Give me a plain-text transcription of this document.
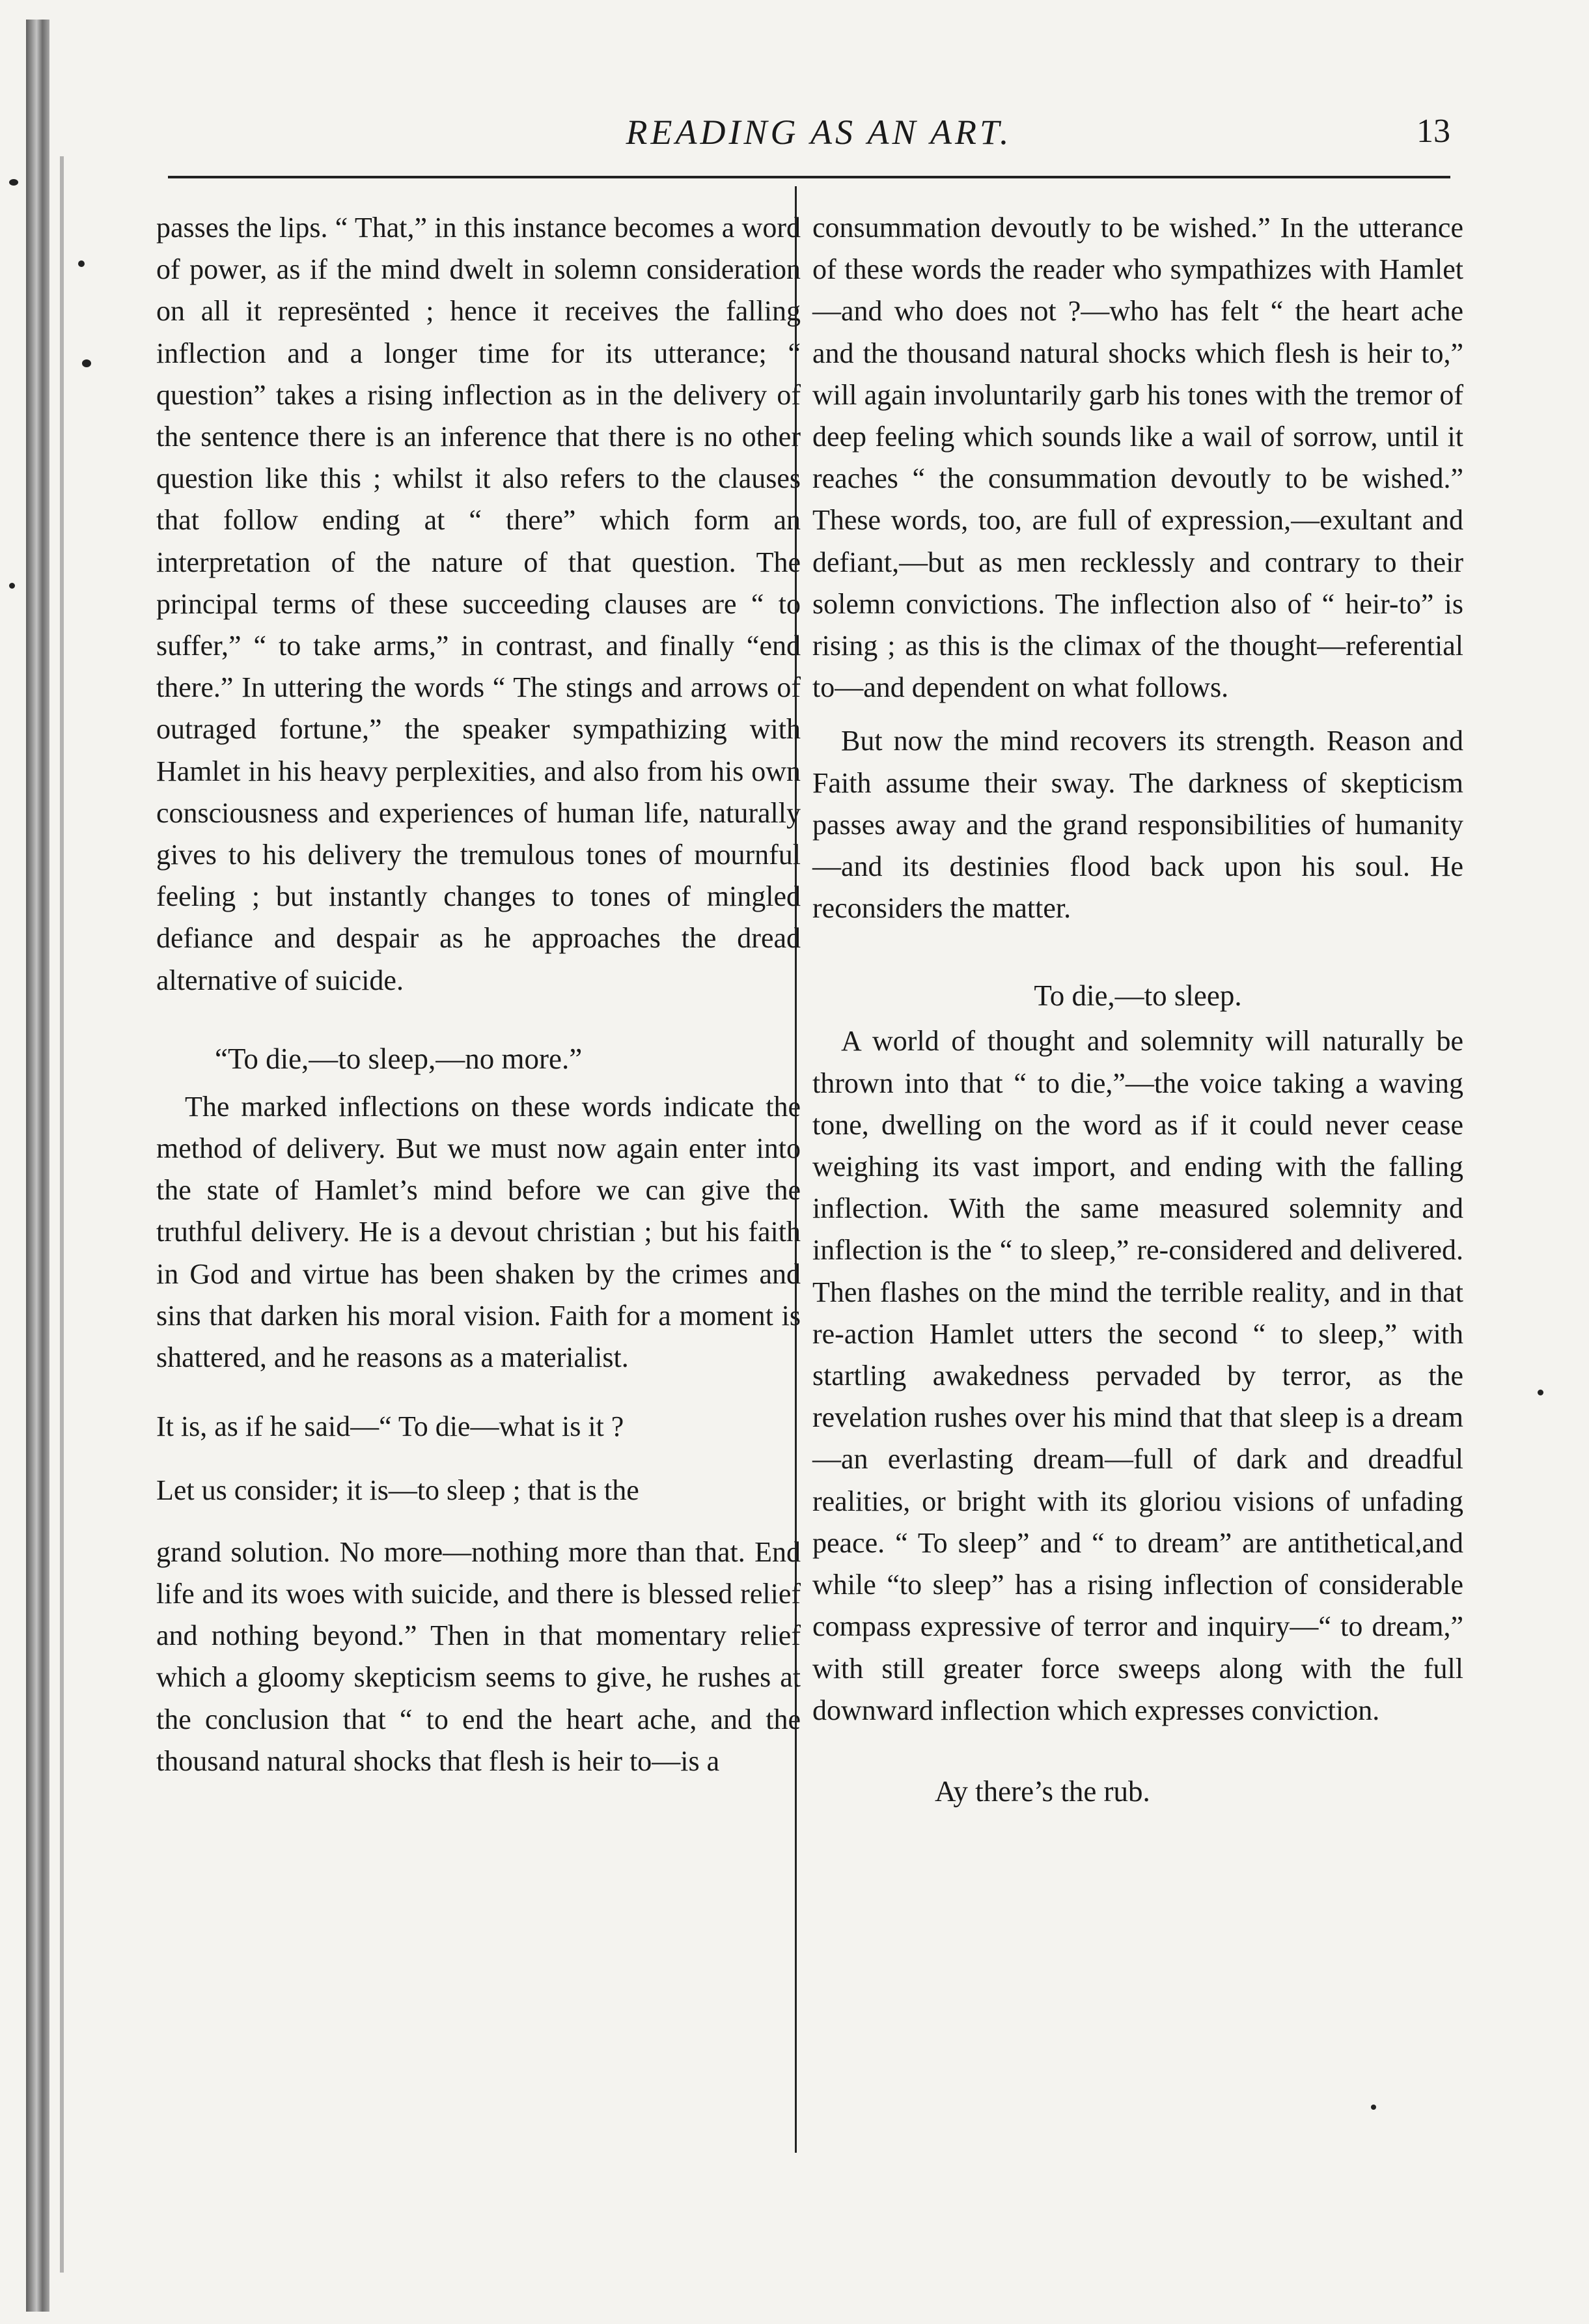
READING AS AN ART.	13

passes the lips. “ That,” in this instance becomes a word of power, as if the mind dwelt in solemn consideration on all it represënted ; hence it receives the falling inflection and a longer time for its utterance; “ question” takes a rising inflection as in the delivery of the sentence there is an inference that there is no other question like this ; whilst it also refers to the clauses that follow ending at “ there” which form an interpretation of the nature of that question. The principal terms of these succeeding clauses are “ to suffer,” “ to take arms,” in contrast, and finally “end there.” In uttering the words “ The stings and arrows of outraged fortune,” the speaker sympathizing with Hamlet in his heavy perplexities, and also from his own consciousness and experiences of human life, naturally gives to his delivery the tremulous tones of mournful feeling ; but instantly changes to tones of mingled defiance and despair as he approaches the dread alternative of suicide.

“To die,—to sleep,—no more.”

The marked inflections on these words indicate the method of delivery. But we must now again enter into the state of Hamlet’s mind before we can give the truthful delivery. He is a devout christian ; but his faith in God and virtue has been shaken by the crimes and sins that darken his moral vision. Faith for a moment is shattered, and he reasons as a materialist.

It is, as if he said—“ To die—what is it ?

Let us consider; it is—to sleep ; that is the

grand solution. No more—nothing more than that. End life and its woes with suicide, and there is blessed relief and nothing beyond.” Then in that momentary relief which a gloomy skepticism seems to give, he rushes at the conclusion that “ to end the heart ache, and the thousand natural shocks that flesh is heir to—is a

consummation devoutly to be wished.” In the utterance of these words the reader who sympathizes with Hamlet—and who does not ?—who has felt “ the heart ache and the thousand natural shocks which flesh is heir to,” will again involuntarily garb his tones with the tremor of deep feeling which sounds like a wail of sorrow, until it reaches “ the consummation devoutly to be wished.” These words, too, are full of expression,—exultant and defiant,—but as men recklessly and contrary to their solemn convictions. The inflection also of “ heir-to” is rising ; as this is the climax of the thought—referential to—and dependent on what follows.

But now the mind recovers its strength. Reason and Faith assume their sway. The darkness of skepticism passes away and the grand responsibilities of humanity—and its destinies flood back upon his soul. He reconsiders the matter.

To die,—to sleep.

A world of thought and solemnity will naturally be thrown into that “ to die,”—the voice taking a waving tone, dwelling on the word as if it could never cease weighing its vast import, and ending with the falling inflection. With the same measured solemnity and inflection is the “ to sleep,” re-considered and delivered. Then flashes on the mind the terrible reality, and in that re-action Hamlet utters the second “ to sleep,” with startling awakedness pervaded by terror, as the revelation rushes over his mind that that sleep is a dream—an everlasting dream—full of dark and dreadful realities, or bright with its gloriou visions of unfading peace. “ To sleep” and “ to dream” are antithetical,and while “to sleep” has a rising inflection of considerable compass expressive of terror and inquiry—“ to dream,” with still greater force sweeps along with the full downward inflection which expresses conviction.

Ay there’s the rub.
